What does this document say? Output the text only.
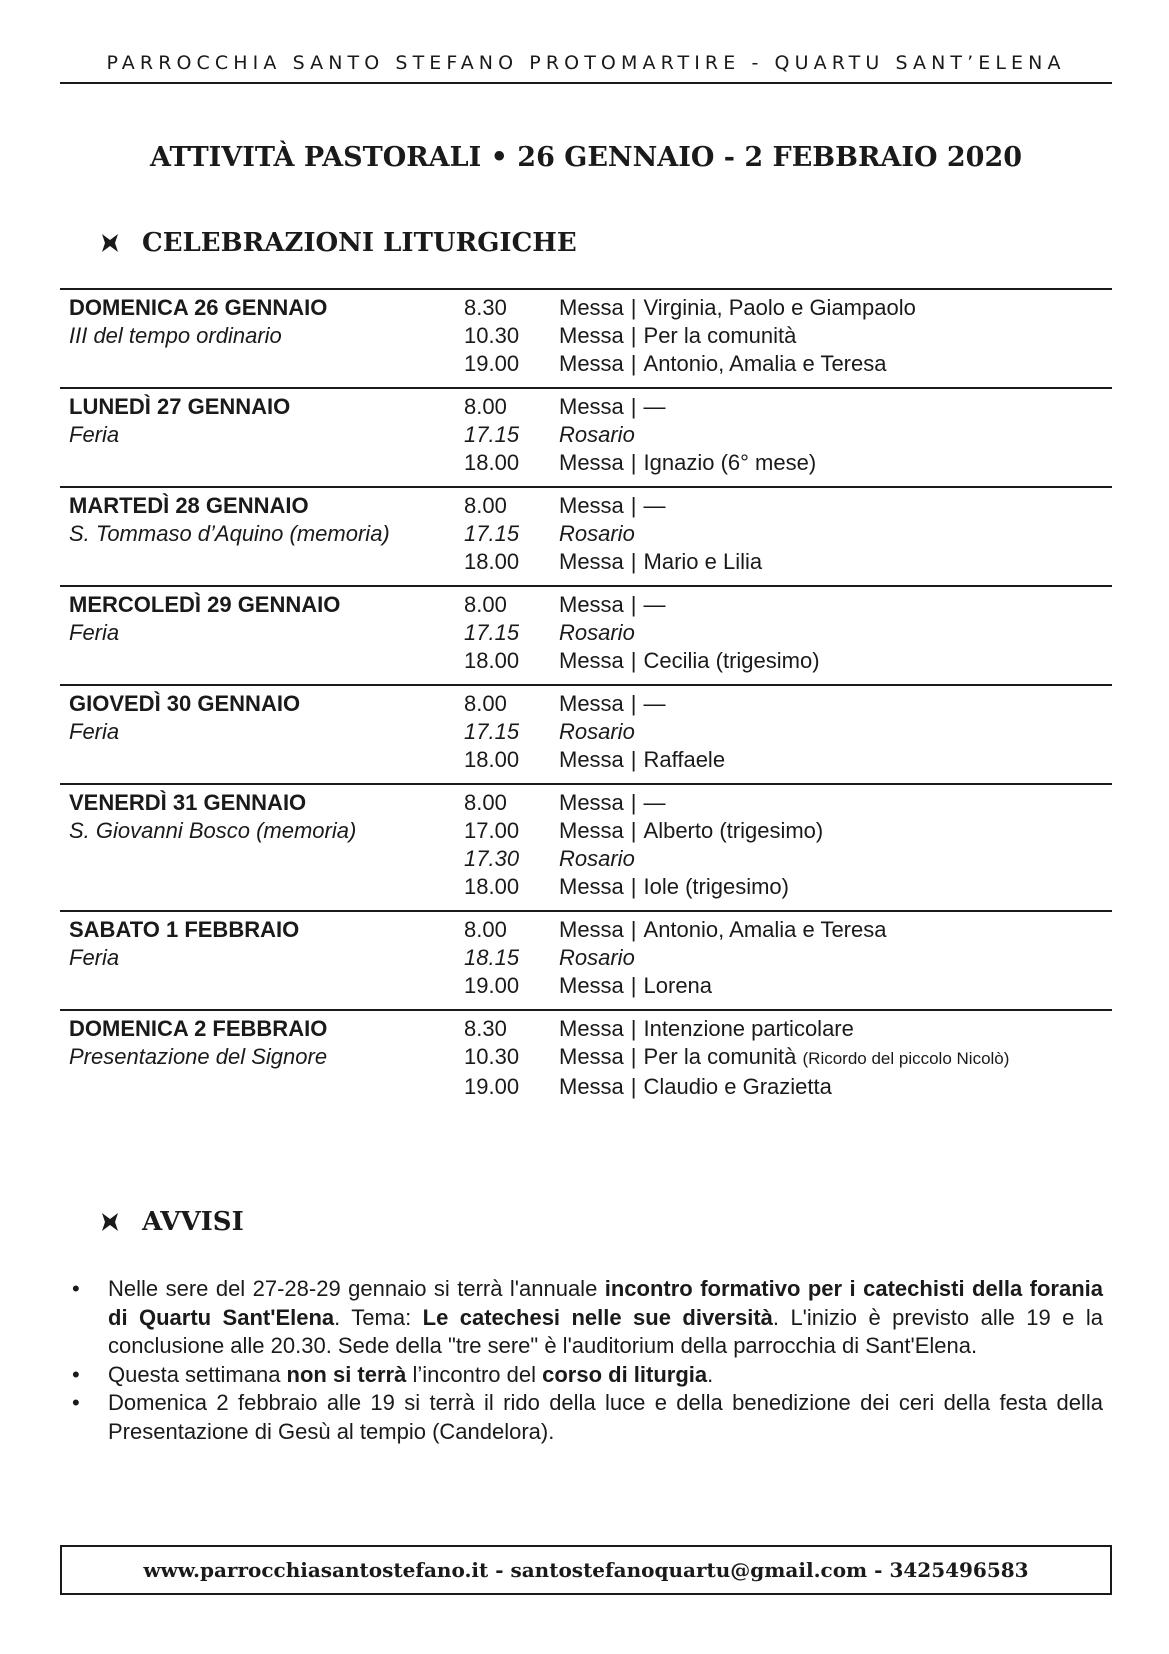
PARROCCHIA SANTO STEFANO PROTOMARTIRE - QUARTU SANT’ELENA
ATTIVITÀ PASTORALI • 26 GENNAIO - 2 FEBBRAIO 2020
CELEBRAZIONI LITURGICHE
DOMENICA 26 GENNAIO
III del tempo ordinario
8.30	Messa | Virginia, Paolo e Giampaolo
10.30	Messa | Per la comunità
19.00	Messa | Antonio, Amalia e Teresa
LUNEDÌ 27 GENNAIO
Feria
8.00	Messa | —
17.15	Rosario
18.00	Messa | Ignazio (6° mese)
MARTEDÌ 28 GENNAIO
S. Tommaso d’Aquino (memoria)
8.00	Messa | —
17.15	Rosario
18.00	Messa | Mario e Lilia
MERCOLEDÌ 29 GENNAIO
Feria
8.00	Messa | —
17.15	Rosario
18.00	Messa | Cecilia (trigesimo)
GIOVEDÌ 30 GENNAIO
Feria
8.00	Messa | —
17.15	Rosario
18.00	Messa | Raffaele
VENERDÌ 31 GENNAIO
S. Giovanni Bosco (memoria)
8.00	Messa | —
17.00	Messa | Alberto (trigesimo)
17.30	Rosario
18.00	Messa | Iole (trigesimo)
SABATO 1 FEBBRAIO
Feria
8.00	Messa | Antonio, Amalia e Teresa
18.15	Rosario
19.00	Messa | Lorena
DOMENICA 2 FEBBRAIO
Presentazione del Signore
8.30	Messa | Intenzione particolare
10.30	Messa | Per la comunità (Ricordo del piccolo Nicolò)
19.00	Messa | Claudio e Grazietta
AVVISI
•	Nelle sere del 27-28-29 gennaio si terrà l'annuale incontro formativo per i catechisti della forania di Quartu Sant'Elena. Tema: Le catechesi nelle sue diversità. L'inizio è previsto alle 19 e la conclusione alle 20.30. Sede della "tre sere" è l'auditorium della parrocchia di Sant'Elena.
•	Questa settimana non si terrà l’incontro del corso di liturgia.
•	Domenica 2 febbraio alle 19 si terrà il rido della luce e della benedizione dei ceri della festa della Presentazione di Gesù al tempio (Candelora).
www.parrocchiasantostefano.it - santostefanoquartu@gmail.com - 3425496583
